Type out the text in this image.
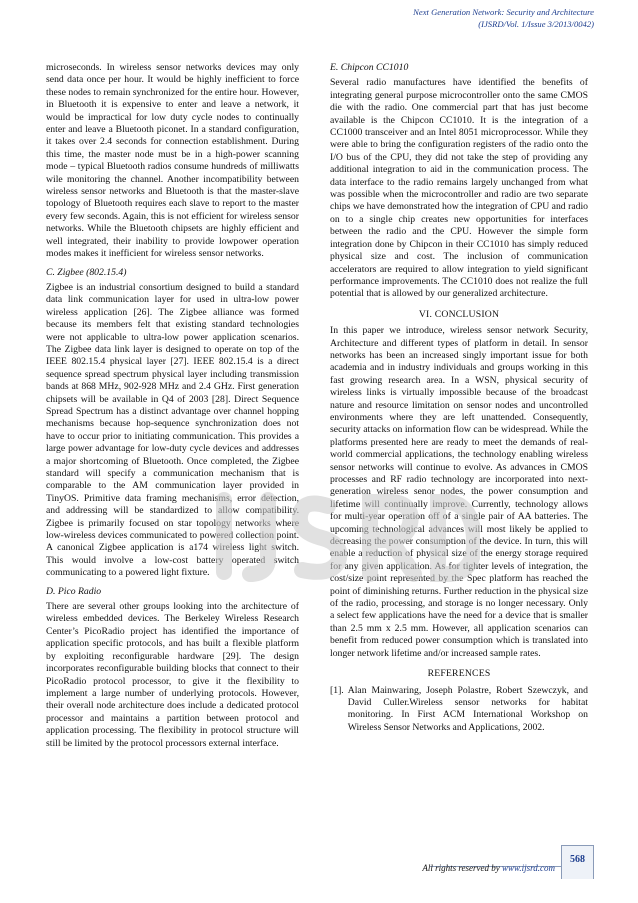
Next Generation Network: Security and Architecture
(IJSRD/Vol. 1/Issue 3/2013/0042)

microseconds. In wireless sensor networks devices may only send data once per hour. It would be highly inefficient to force these nodes to remain synchronized for the entire hour. However, in Bluetooth it is expensive to enter and leave a network, it would be impractical for low duty cycle nodes to continually enter and leave a Bluetooth piconet. In a standard configuration, it takes over 2.4 seconds for connection establishment. During this time, the master node must be in a high-power scanning mode – typical Bluetooth radios consume hundreds of milliwatts wile monitoring the channel. Another incompatibility between wireless sensor networks and Bluetooth is that the master-slave topology of Bluetooth requires each slave to report to the master every few seconds. Again, this is not efficient for wireless sensor networks. While the Bluetooth chipsets are highly efficient and well integrated, their inability to provide lowpower operation modes makes it inefficient for wireless sensor networks.

C. Zigbee (802.15.4)

Zigbee is an industrial consortium designed to build a standard data link communication layer for used in ultra-low power wireless application [26]. The Zigbee alliance was formed because its members felt that existing standard technologies were not applicable to ultra-low power application scenarios. The Zigbee data link layer is designed to operate on top of the IEEE 802.15.4 physical layer [27]. IEEE 802.15.4 is a direct sequence spread spectrum physical layer including transmission bands at 868 MHz, 902-928 MHz and 2.4 GHz. First generation chipsets will be available in Q4 of 2003 [28]. Direct Sequence Spread Spectrum has a distinct advantage over channel hopping mechanisms because hop-sequence synchronization does not have to occur prior to initiating communication. This provides a large power advantage for low-duty cycle devices and addresses a major shortcoming of Bluetooth. Once completed, the Zigbee standard will specify a communication mechanism that is comparable to the AM communication layer provided in TinyOS. Primitive data framing mechanisms, error detection, and addressing will be standardized to allow compatibility. Zigbee is primarily focused on star topology networks where low-wireless devices communicated to powered collection point. A canonical Zigbee application is a174 wireless light switch. This would involve a low-cost battery operated switch communicating to a powered light fixture.

D. Pico Radio

There are several other groups looking into the architecture of wireless embedded devices. The Berkeley Wireless Research Center’s PicoRadio project has identified the importance of application specific protocols, and has built a flexible platform by exploiting reconfigurable hardware [29]. The design incorporates reconfigurable building blocks that connect to their PicoRadio protocol processor, to give it the flexibility to implement a large number of underlying protocols. However, their overall node architecture does include a dedicated protocol processor and maintains a partition between protocol and application processing. The flexibility in protocol structure will still be limited by the protocol processors external interface.

E. Chipcon CC1010

Several radio manufactures have identified the benefits of integrating general purpose microcontroller onto the same CMOS die with the radio. One commercial part that has just become available is the Chipcon CC1010. It is the integration of a CC1000 transceiver and an Intel 8051 microprocessor. While they were able to bring the configuration registers of the radio onto the I/O bus of the CPU, they did not take the step of providing any additional integration to aid in the communication process. The data interface to the radio remains largely unchanged from what was possible when the microcontroller and radio are two separate chips we have demonstrated how the integration of CPU and radio on to a single chip creates new opportunities for interfaces between the radio and the CPU. However the simple form integration done by Chipcon in their CC1010 has simply reduced physical size and cost. The inclusion of communication accelerators are required to allow integration to yield significant performance improvements. The CC1010 does not realize the full potential that is allowed by our generalized architecture.

VI. CONCLUSION

In this paper we introduce, wireless sensor network Security, Architecture and different types of platform in detail. In sensor networks has been an increased singly important issue for both academia and in industry individuals and groups working in this fast growing research area. In a WSN, physical security of wireless links is virtually impossible because of the broadcast nature and resource limitation on sensor nodes and uncontrolled environments where they are left unattended. Consequently, security attacks on information flow can be widespread. While the platforms presented here are ready to meet the demands of real-world commercial applications, the technology enabling wireless sensor networks will continue to evolve. As advances in CMOS processes and RF radio technology are incorporated into next-generation wireless senor nodes, the power consumption and lifetime will continually improve. Currently, technology allows for multi-year operation off of a single pair of AA batteries. The upcoming technological advances will most likely be applied to decreasing the power consumption of the device. In turn, this will enable a reduction of physical size of the energy storage required for any given application. As for tighter levels of integration, the cost/size point represented by the Spec platform has reached the point of diminishing returns. Further reduction in the physical size of the radio, processing, and storage is no longer necessary. Only a select few applications have the need for a device that is smaller than 2.5 mm x 2.5 mm. However, all application scenarios can benefit from reduced power consumption which is translated into longer network lifetime and/or increased sample rates.

REFERENCES
[1]. Alan Mainwaring, Joseph Polastre, Robert Szewczyk, and David Culler.Wireless sensor networks for habitat monitoring. In First ACM International Workshop on Wireless Sensor Networks and Applications, 2002.
All rights reserved by www.ijsrd.com
568
